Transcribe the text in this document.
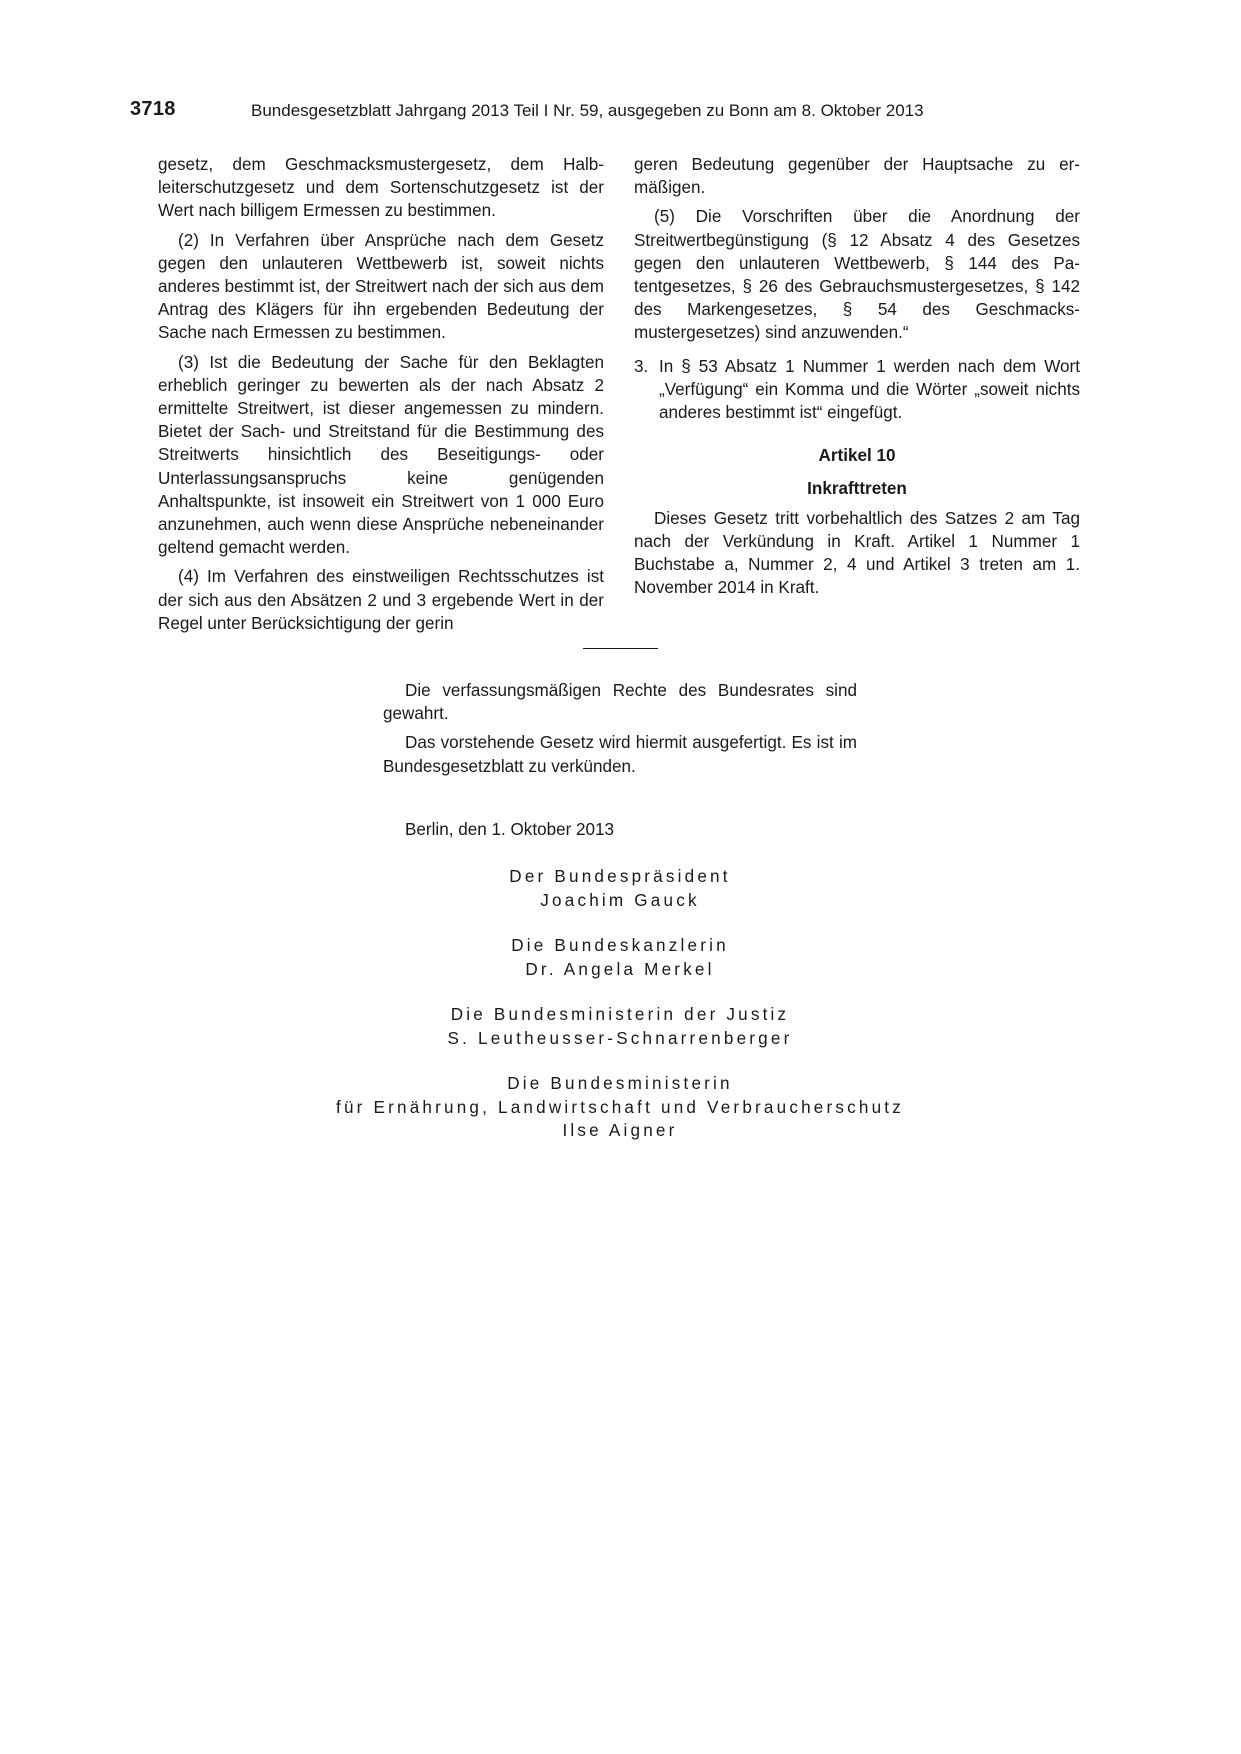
3718	Bundesgesetzblatt Jahrgang 2013 Teil I Nr. 59, ausgegeben zu Bonn am 8. Oktober 2013

gesetz, dem Geschmacksmustergesetz, dem Halbleiterschutzgesetz und dem Sortenschutzgesetz ist der Wert nach billigem Ermessen zu bestimmen.

(2) In Verfahren über Ansprüche nach dem Gesetz gegen den unlauteren Wettbewerb ist, soweit nichts anderes bestimmt ist, der Streitwert nach der sich aus dem Antrag des Klägers für ihn ergebenden Bedeutung der Sache nach Ermessen zu bestimmen.

(3) Ist die Bedeutung der Sache für den Beklagten erheblich geringer zu bewerten als der nach Absatz 2 ermittelte Streitwert, ist dieser angemessen zu mindern. Bietet der Sach- und Streitstand für die Bestimmung des Streitwerts hinsichtlich des Beseitigungs- oder Unterlassungsanspruchs keine genügenden Anhaltspunkte, ist insoweit ein Streitwert von 1 000 Euro anzunehmen, auch wenn diese Ansprüche nebeneinander geltend gemacht werden.

(4) Im Verfahren des einstweiligen Rechtsschutzes ist der sich aus den Absätzen 2 und 3 ergebende Wert in der Regel unter Berücksichtigung der gerin

geren Bedeutung gegenüber der Hauptsache zu ermäßigen.

(5) Die Vorschriften über die Anordnung der Streitwertbegünstigung (§ 12 Absatz 4 des Gesetzes gegen den unlauteren Wettbewerb, § 144 des Patentgesetzes, § 26 des Gebrauchsmustergesetzes, § 142 des Markengesetzes, § 54 des Geschmacksmustergesetzes) sind anzuwenden.“

3. In § 53 Absatz 1 Nummer 1 werden nach dem Wort „Verfügung“ ein Komma und die Wörter „soweit nichts anderes bestimmt ist“ eingefügt.
Artikel 10
Inkrafttreten

Dieses Gesetz tritt vorbehaltlich des Satzes 2 am Tag nach der Verkündung in Kraft. Artikel 1 Nummer 1 Buchstabe a, Nummer 2, 4 und Artikel 3 treten am 1. November 2014 in Kraft.

Die verfassungsmäßigen Rechte des Bundesrates sind gewahrt.

Das vorstehende Gesetz wird hiermit ausgefertigt. Es ist im Bundesgesetzblatt zu verkünden.

Berlin, den 1. Oktober 2013
Der Bundespräsident
Joachim Gauck
Die Bundeskanzlerin
Dr. Angela Merkel
Die Bundesministerin der Justiz
S. Leutheusser-Schnarrenberger
Die Bundesministerin
für Ernährung, Landwirtschaft und Verbraucherschutz
Ilse Aigner
